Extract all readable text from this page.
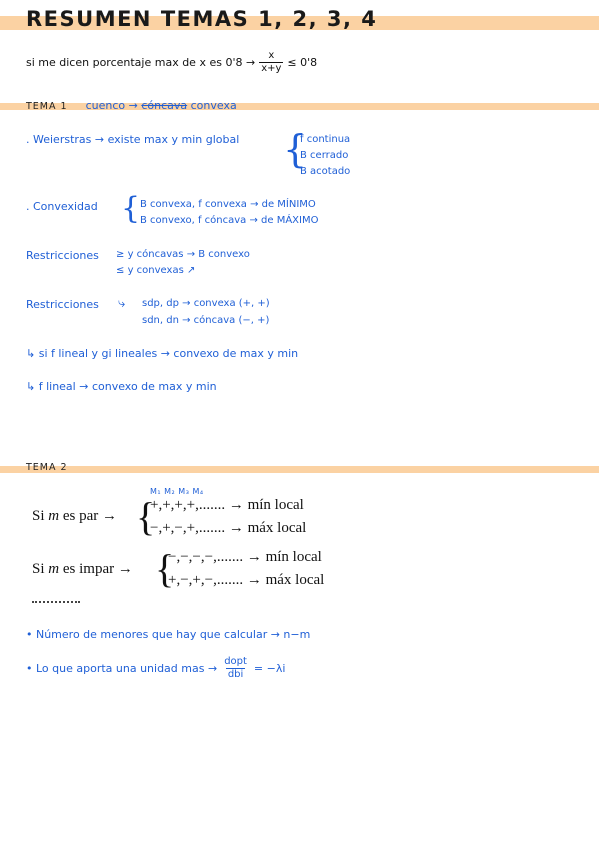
RESUMEN TEMAS 1, 2, 3, 4
si me dicen porcentaje max de x es $0'8 \to \frac{x}{x+y} \le 0'8$
TEMA 1 cuenco → cóncava convexa
. Weierstras → existe max y min global {
f continua
B cerrado
B acotado
. Convexidad { B convexa, f convexa → de MÍNIMO
B convexo, f cóncava → de MÁXIMO
Restricciones ≥ y cóncavas → B convexo
≤ y convexas ↗
Restricciones ⤷ sdp, dp → convexa (+, +)
sdn, dn → cóncava (−, +)
↳ si f lineal y gi lineales → convexo de max y min
↳ f lineal → convexo de max y min
TEMA 2
M₁ M₂ M₃ M₄
Si m es par → {
+,+,+,+,....... → mín local
−,+,−,+,....... → máx local
Si m es impar → {
−,−,−,−,....... → mín local
+,−,+,−,....... → máx local
• Número de menores que hay que calcular → n−m
• Lo que aporta una unidad mas → $\frac{\text{dopt}}{\text{dbi}} = -\lambda i$
